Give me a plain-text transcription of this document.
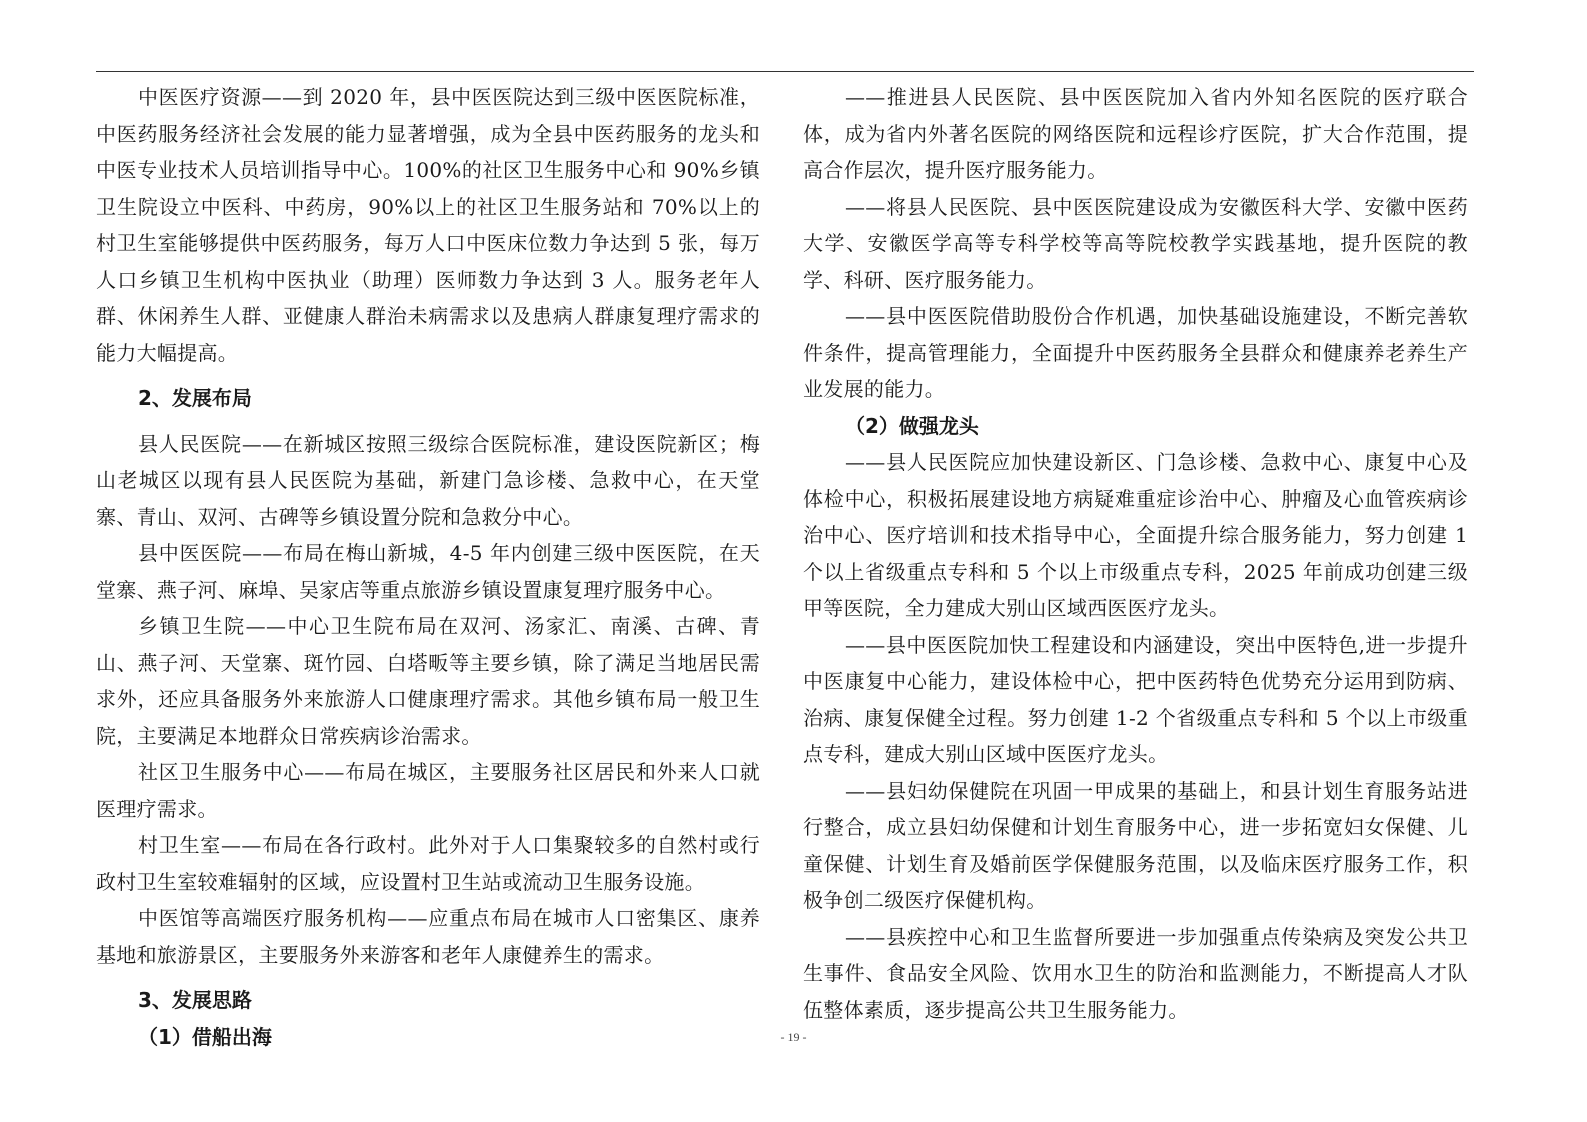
中医医疗资源——到 2020 年，县中医医院达到三级中医医院标准，中医药服务经济社会发展的能力显著增强，成为全县中医药服务的龙头和中医专业技术人员培训指导中心。100%的社区卫生服务中心和 90%乡镇卫生院设立中医科、中药房，90%以上的社区卫生服务站和 70%以上的村卫生室能够提供中医药服务，每万人口中医床位数力争达到 5 张，每万人口乡镇卫生机构中医执业（助理）医师数力争达到 3 人。服务老年人群、休闲养生人群、亚健康人群治未病需求以及患病人群康复理疗需求的能力大幅提高。

2、发展布局

县人民医院——在新城区按照三级综合医院标准，建设医院新区；梅山老城区以现有县人民医院为基础，新建门急诊楼、急救中心，在天堂寨、青山、双河、古碑等乡镇设置分院和急救分中心。

县中医医院——布局在梅山新城，4-5 年内创建三级中医医院，在天堂寨、燕子河、麻埠、吴家店等重点旅游乡镇设置康复理疗服务中心。

乡镇卫生院——中心卫生院布局在双河、汤家汇、南溪、古碑、青山、燕子河、天堂寨、斑竹园、白塔畈等主要乡镇，除了满足当地居民需求外，还应具备服务外来旅游人口健康理疗需求。其他乡镇布局一般卫生院，主要满足本地群众日常疾病诊治需求。

社区卫生服务中心——布局在城区，主要服务社区居民和外来人口就医理疗需求。

村卫生室——布局在各行政村。此外对于人口集聚较多的自然村或行政村卫生室较难辐射的区域，应设置村卫生站或流动卫生服务设施。

中医馆等高端医疗服务机构——应重点布局在城市人口密集区、康养基地和旅游景区，主要服务外来游客和老年人康健养生的需求。

3、发展思路

（1）借船出海

——推进县人民医院、县中医医院加入省内外知名医院的医疗联合体，成为省内外著名医院的网络医院和远程诊疗医院，扩大合作范围，提高合作层次，提升医疗服务能力。

——将县人民医院、县中医医院建设成为安徽医科大学、安徽中医药大学、安徽医学高等专科学校等高等院校教学实践基地，提升医院的教学、科研、医疗服务能力。

——县中医医院借助股份合作机遇，加快基础设施建设，不断完善软件条件，提高管理能力，全面提升中医药服务全县群众和健康养老养生产业发展的能力。

（2）做强龙头

——县人民医院应加快建设新区、门急诊楼、急救中心、康复中心及体检中心，积极拓展建设地方病疑难重症诊治中心、肿瘤及心血管疾病诊治中心、医疗培训和技术指导中心，全面提升综合服务能力，努力创建 1 个以上省级重点专科和 5 个以上市级重点专科，2025 年前成功创建三级甲等医院，全力建成大别山区域西医医疗龙头。

——县中医医院加快工程建设和内涵建设，突出中医特色,进一步提升中医康复中心能力，建设体检中心，把中医药特色优势充分运用到防病、治病、康复保健全过程。努力创建 1-2 个省级重点专科和 5 个以上市级重点专科，建成大别山区域中医医疗龙头。

——县妇幼保健院在巩固一甲成果的基础上，和县计划生育服务站进行整合，成立县妇幼保健和计划生育服务中心，进一步拓宽妇女保健、儿童保健、计划生育及婚前医学保健服务范围，以及临床医疗服务工作，积极争创二级医疗保健机构。

——县疾控中心和卫生监督所要进一步加强重点传染病及突发公共卫生事件、食品安全风险、饮用水卫生的防治和监测能力，不断提高人才队伍整体素质，逐步提高公共卫生服务能力。

- 19 -
